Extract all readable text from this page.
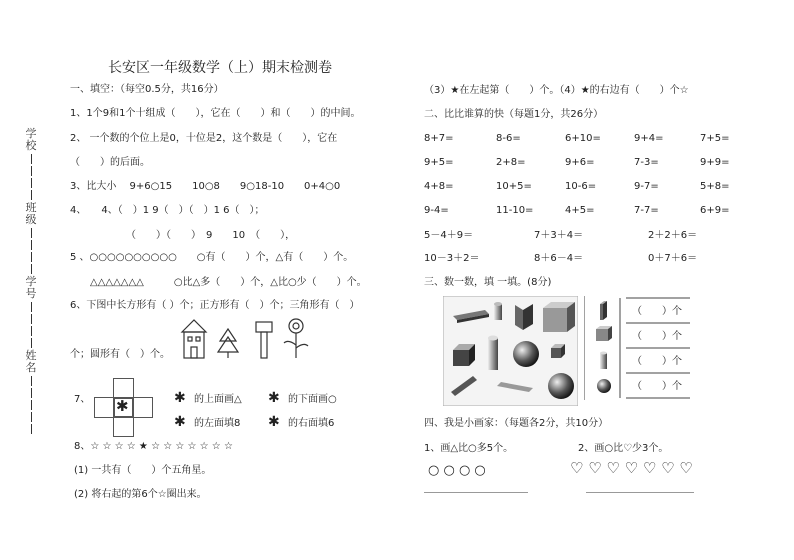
长安区一年级数学（上）期末检测卷
学校
班级
学号
姓名
一、填空：（每空0.5分，共16分）
1、1个9和1个十组成（　　），它在（　　）和（　　）的中间。
2、 一个数的个位上是0，十位是2，这个数是（　　），它在
（　　）的后面。
3、比大小　 9+6○15　　10○8　　9○18-10　　0+4○0
4、　　4、（　）1 9（　）（　）1 6（　）；
（　　）（　　）　9　　10　（　　），
5 、○○○○○○○○○○　　○有（　　）个，△有（　　）个。
△△△△△△△　　　○比△多（　　）个，△比○少（　　）个。
6、下图中长方形有（ ）个；正方形有（　）个；三角形有（　）
个；圆形有（　）个。
7、 ✱	✱ 的上面画△ ✱ 的下面画○
✱ 的左面填8 ✱ 的右面填6
8、☆ ☆ ☆ ☆ ★ ☆ ☆ ☆ ☆ ☆ ☆ ☆
(1) 一共有（　　）个五角星。
(2) 将右起的第6个☆圈出来。
（3）★在左起第（　　）个。（4）★的右边有（　　）个☆
二、比比谁算的快（每题1分，共26分）
8+7=	8-6=	6+10=	9+4=	7+5=
9+5=	2+8=	9+6=	7-3=	9+9=
4+8=	10+5=	10-6=	9-7=	5+8=
9-4=	11-10=	4+5=	7-7=	6+9=
5－4＋9＝	7＋3＋4＝	2＋2＋6＝
10－3＋2＝	8＋6－4＝	0＋7＋6＝
三、数一数，填 一填。(8分)
（　　）个
（　　）个
（　　）个
（　　）个
四、我是小画家：（每题各2分，共10分）
1、画△比○多5个。	2、画○比♡少3个。
○ ○ ○ ○	♡ ♡ ♡ ♡ ♡ ♡ ♡
